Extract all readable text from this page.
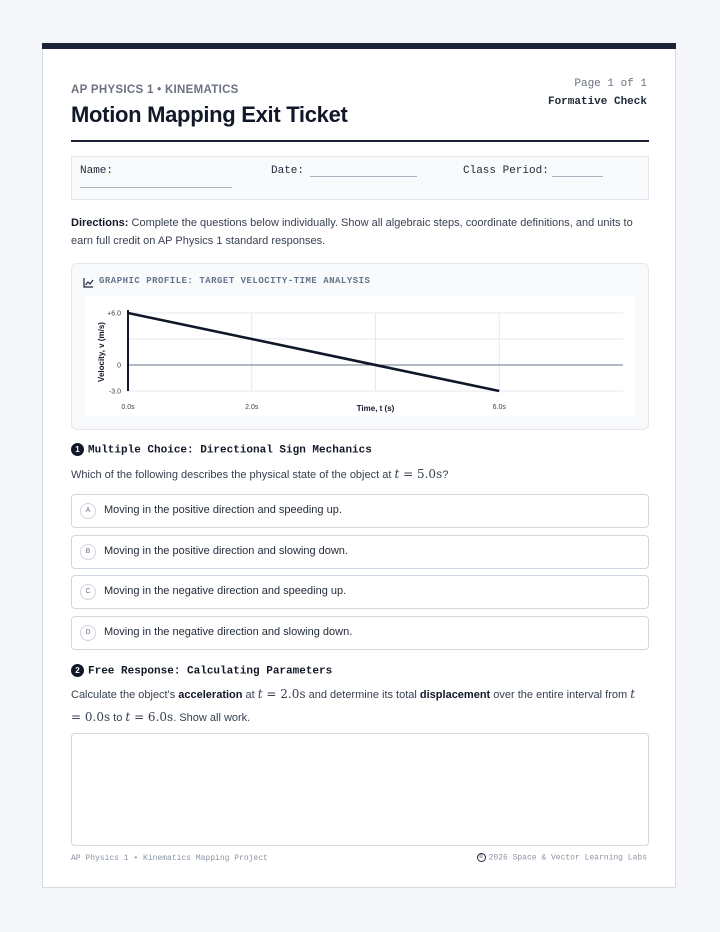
AP PHYSICS 1 • KINEMATICS
Motion Mapping Exit Ticket
Page 1 of 1
Formative Check
Name:	Date:	Class Period:
Directions: Complete the questions below individually. Show all algebraic steps, coordinate definitions, and units to earn full credit on AP Physics 1 standard responses.
GRAPHIC PROFILE: TARGET VELOCITY-TIME ANALYSIS
+6.0
0
-3.0
0.0s	2.0s	6.0s
Time, t (s)
Velocity, v (m/s)
1 Multiple Choice: Directional Sign Mechanics
Which of the following describes the physical state of the object at t = 5.0s?
A	Moving in the positive direction and speeding up.
B	Moving in the positive direction and slowing down.
C	Moving in the negative direction and speeding up.
D	Moving in the negative direction and slowing down.
2 Free Response: Calculating Parameters
Calculate the object's acceleration at t = 2.0s and determine its total displacement over the entire interval from t
= 0.0s to t = 6.0s. Show all work.
AP Physics 1 • Kinematics Mapping Project	© 2026 Space & Vector Learning Labs
